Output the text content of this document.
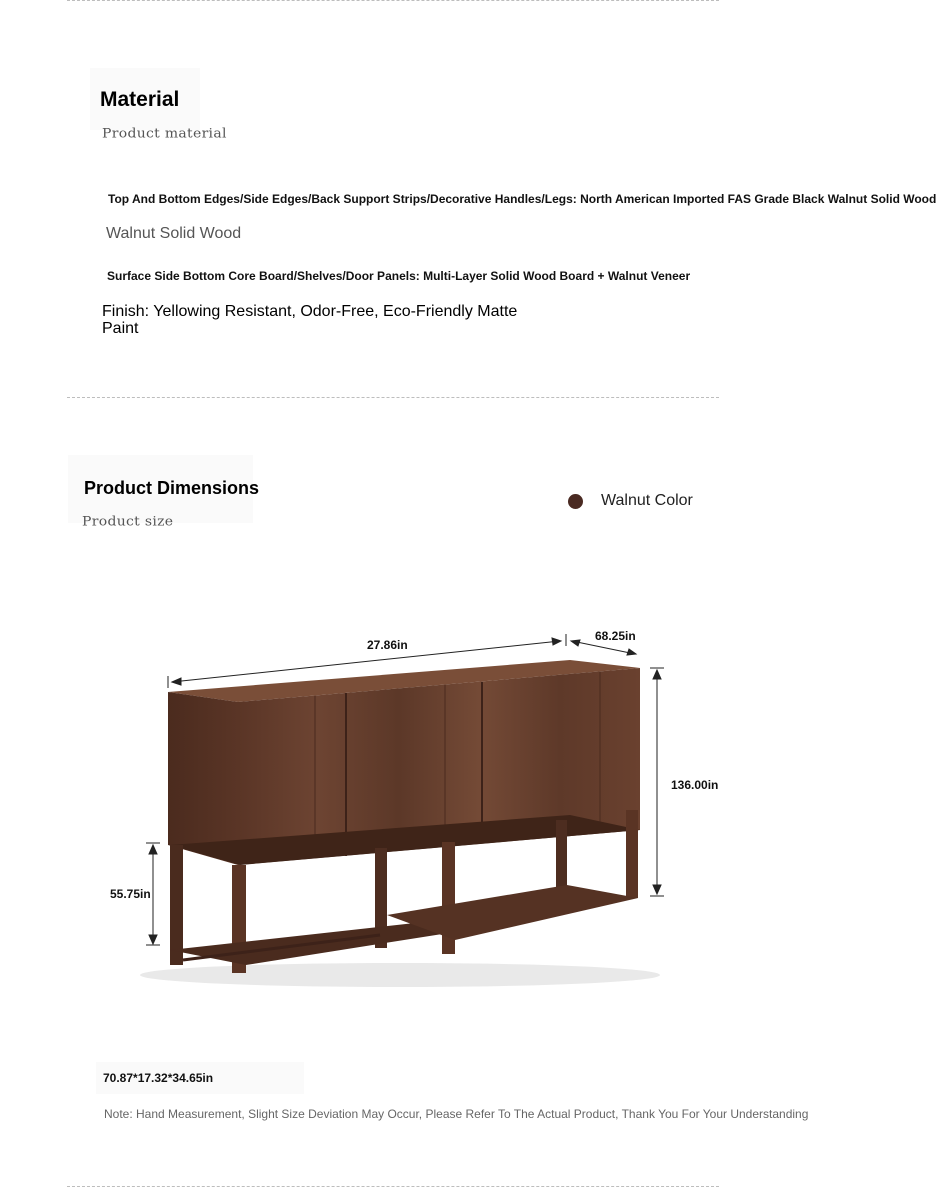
Material
Product material
Top And Bottom Edges/Side Edges/Back Support Strips/Decorative Handles/Legs: North American Imported FAS Grade Black Walnut Solid Wood
Walnut Solid Wood
Surface Side Bottom Core Board/Shelves/Door Panels: Multi-Layer Solid Wood Board + Walnut Veneer
Finish: Yellowing Resistant, Odor-Free, Eco-Friendly Matte Paint
Product Dimensions
Product size
Walnut Color
27.86in
68.25in
136.00in
55.75in
70.87*17.32*34.65in
Note: Hand Measurement, Slight Size Deviation May Occur, Please Refer To The Actual Product, Thank You For Your Understanding
